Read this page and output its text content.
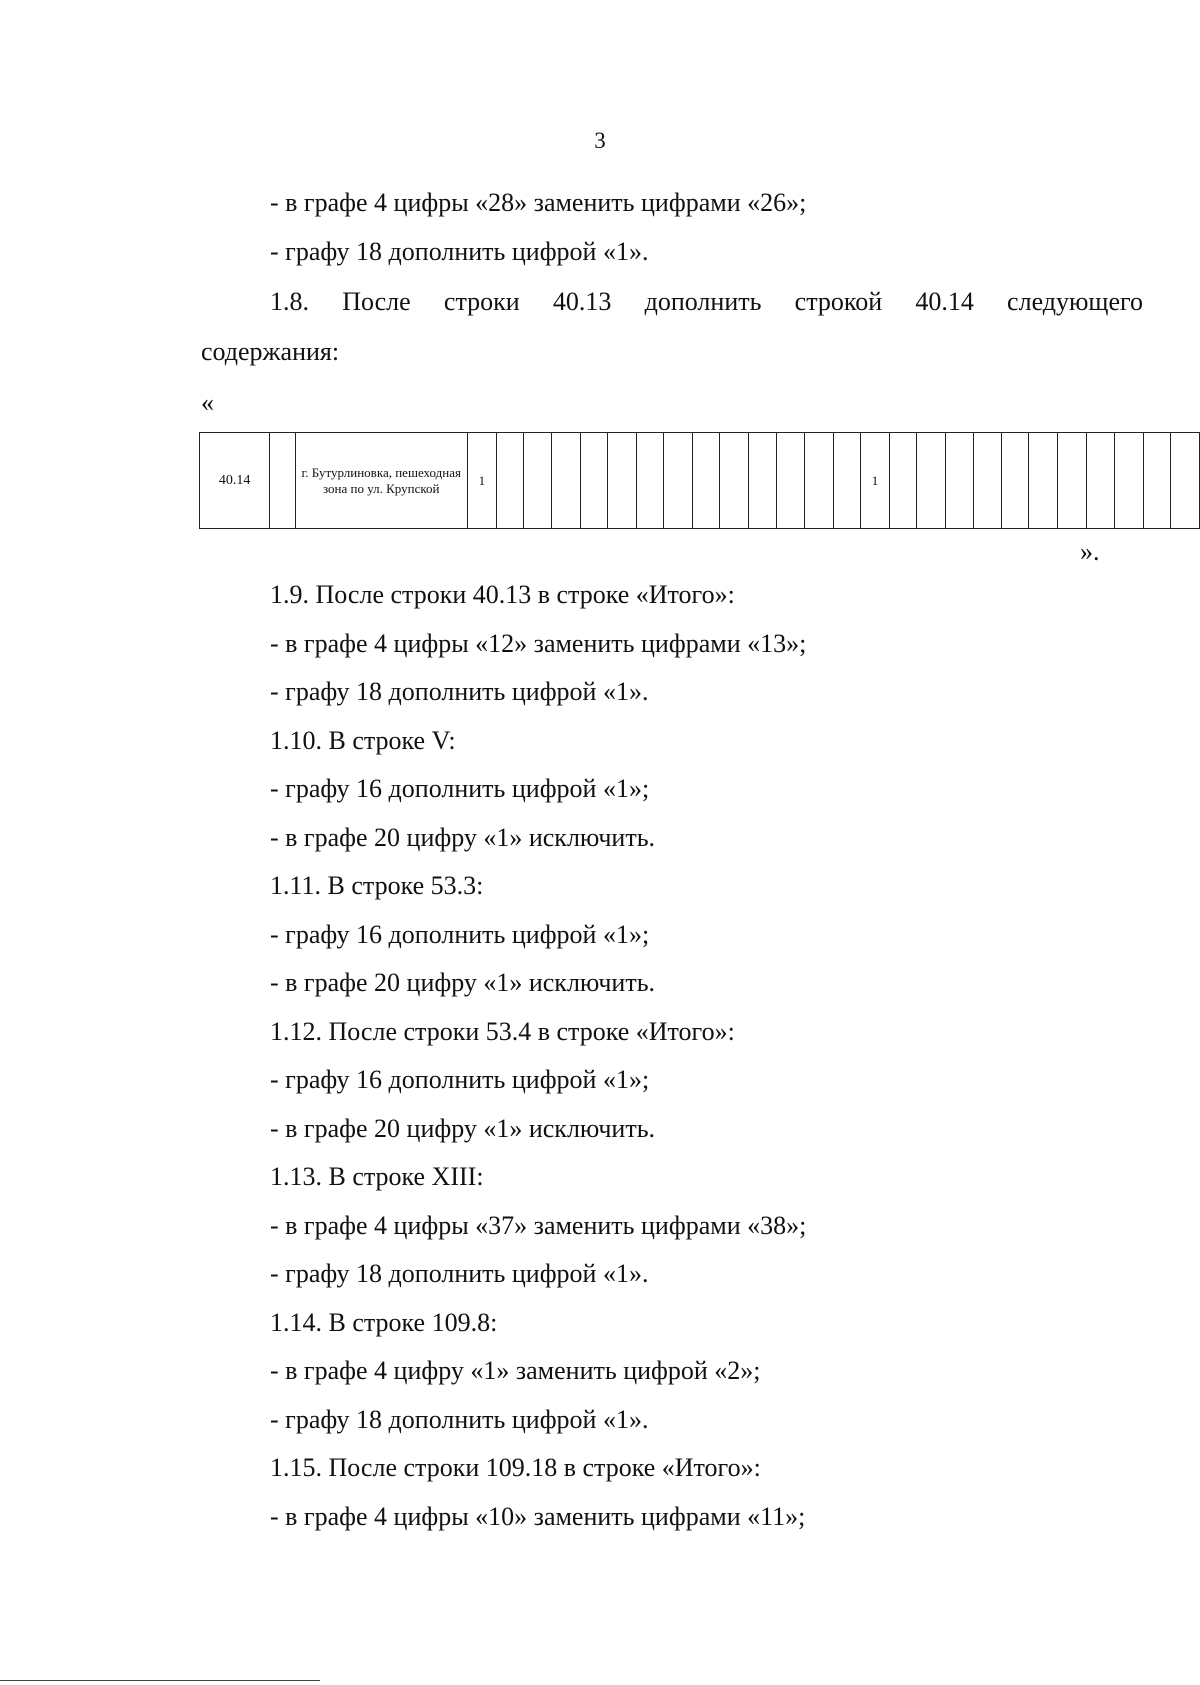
3
- в графе 4 цифры «28» заменить цифрами «26»;
- графу 18 дополнить цифрой «1».
1.8. После строки 40.13 дополнить строкой 40.14 следующего
содержания:
«
40.14		г. Бутурлиновка, пешеходная зона по ул. Крупской	1														1											
».
1.9. После строки 40.13 в строке «Итого»:
- в графе 4 цифры «12» заменить цифрами «13»;
- графу 18 дополнить цифрой «1».
1.10. В строке V:
- графу 16 дополнить цифрой «1»;
- в графе 20 цифру «1» исключить.
1.11. В строке 53.3:
- графу 16 дополнить цифрой «1»;
- в графе 20 цифру «1» исключить.
1.12. После строки 53.4 в строке «Итого»:
- графу 16 дополнить цифрой «1»;
- в графе 20 цифру «1» исключить.
1.13. В строке XIII:
- в графе 4 цифры «37» заменить цифрами «38»;
- графу 18 дополнить цифрой «1».
1.14. В строке 109.8:
- в графе 4 цифру «1» заменить цифрой «2»;
- графу 18 дополнить цифрой «1».
1.15. После строки 109.18 в строке «Итого»:
- в графе 4 цифры «10» заменить цифрами «11»;
